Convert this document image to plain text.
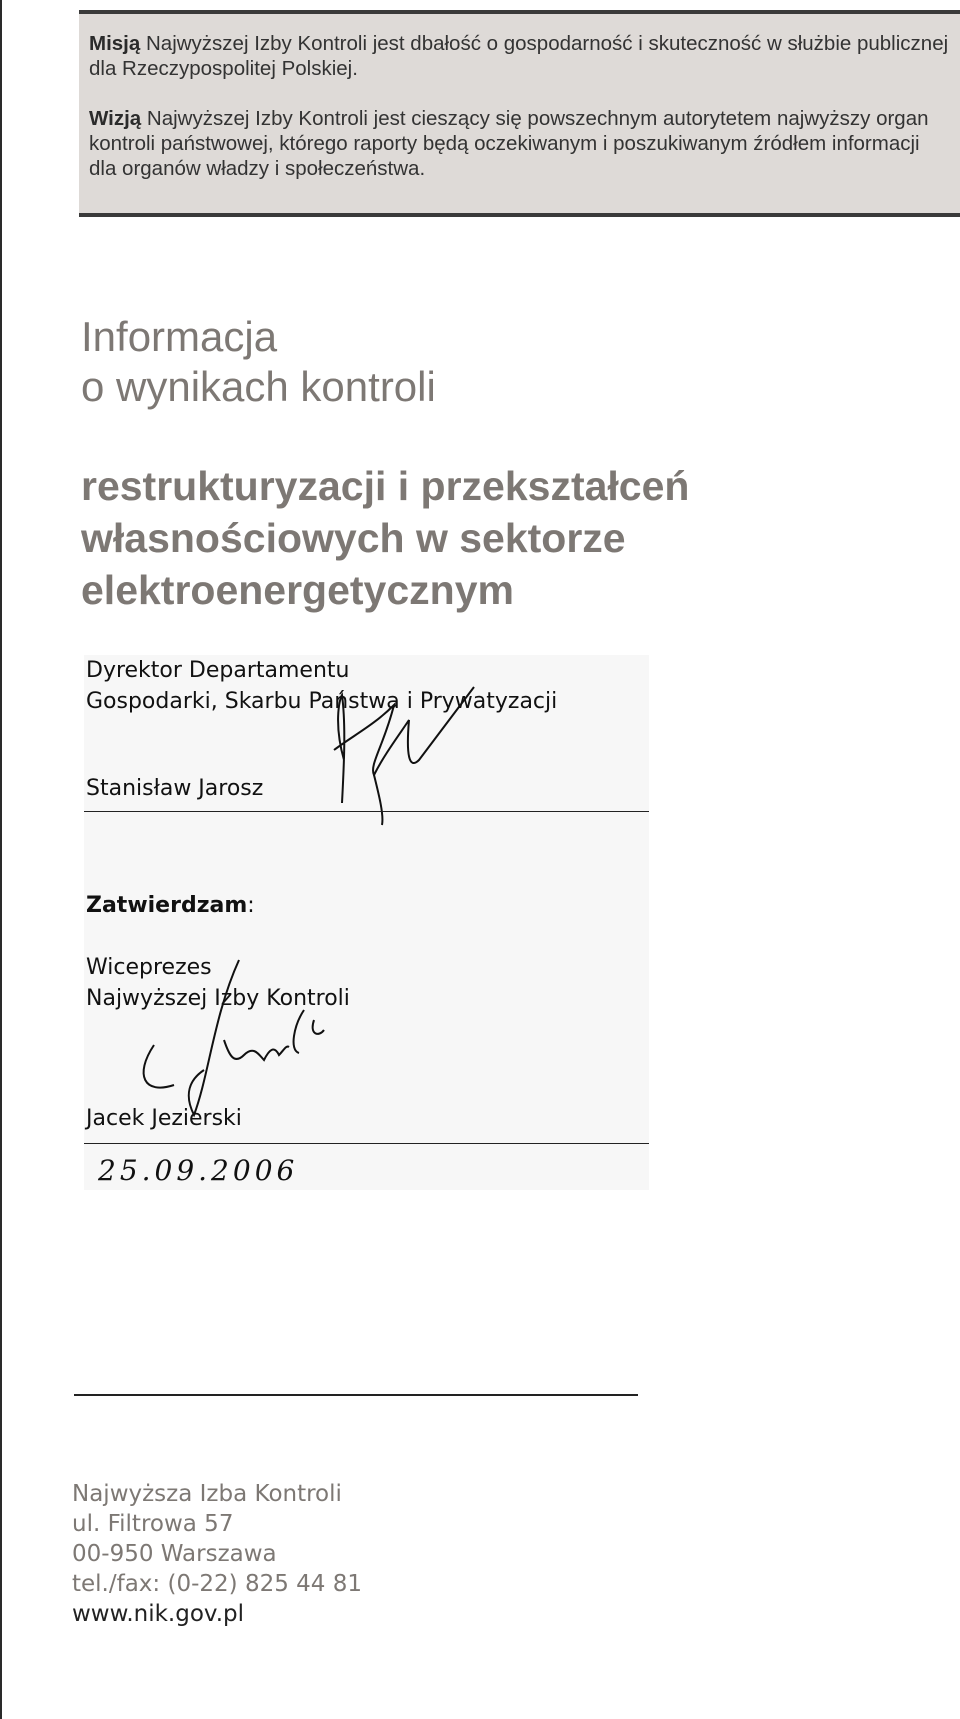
Misją Najwyższej Izby Kontroli jest dbałość o gospodarność i skuteczność w służbie publicznej dla Rzeczypospolitej Polskiej.

Wizją Najwyższej Izby Kontroli jest cieszący się powszechnym autorytetem najwyższy organ kontroli państwowej, którego raporty będą oczekiwanym i poszukiwanym źródłem informacji dla organów władzy i społeczeństwa.

Informacja
o wynikach kontroli
restrukturyzacji i przekształceń
własnościowych w sektorze
elektroenergetycznym
Dyrektor Departamentu
Gospodarki, Skarbu Państwa i Prywatyzacji
Stanisław Jarosz
Zatwierdzam:
Wiceprezes
Najwyższej Izby Kontroli
Jacek Jezierski
25.09.2006
Najwyższa Izba Kontroli
ul. Filtrowa 57
00-950 Warszawa
tel./fax: (0-22) 825 44 81
www.nik.gov.pl
